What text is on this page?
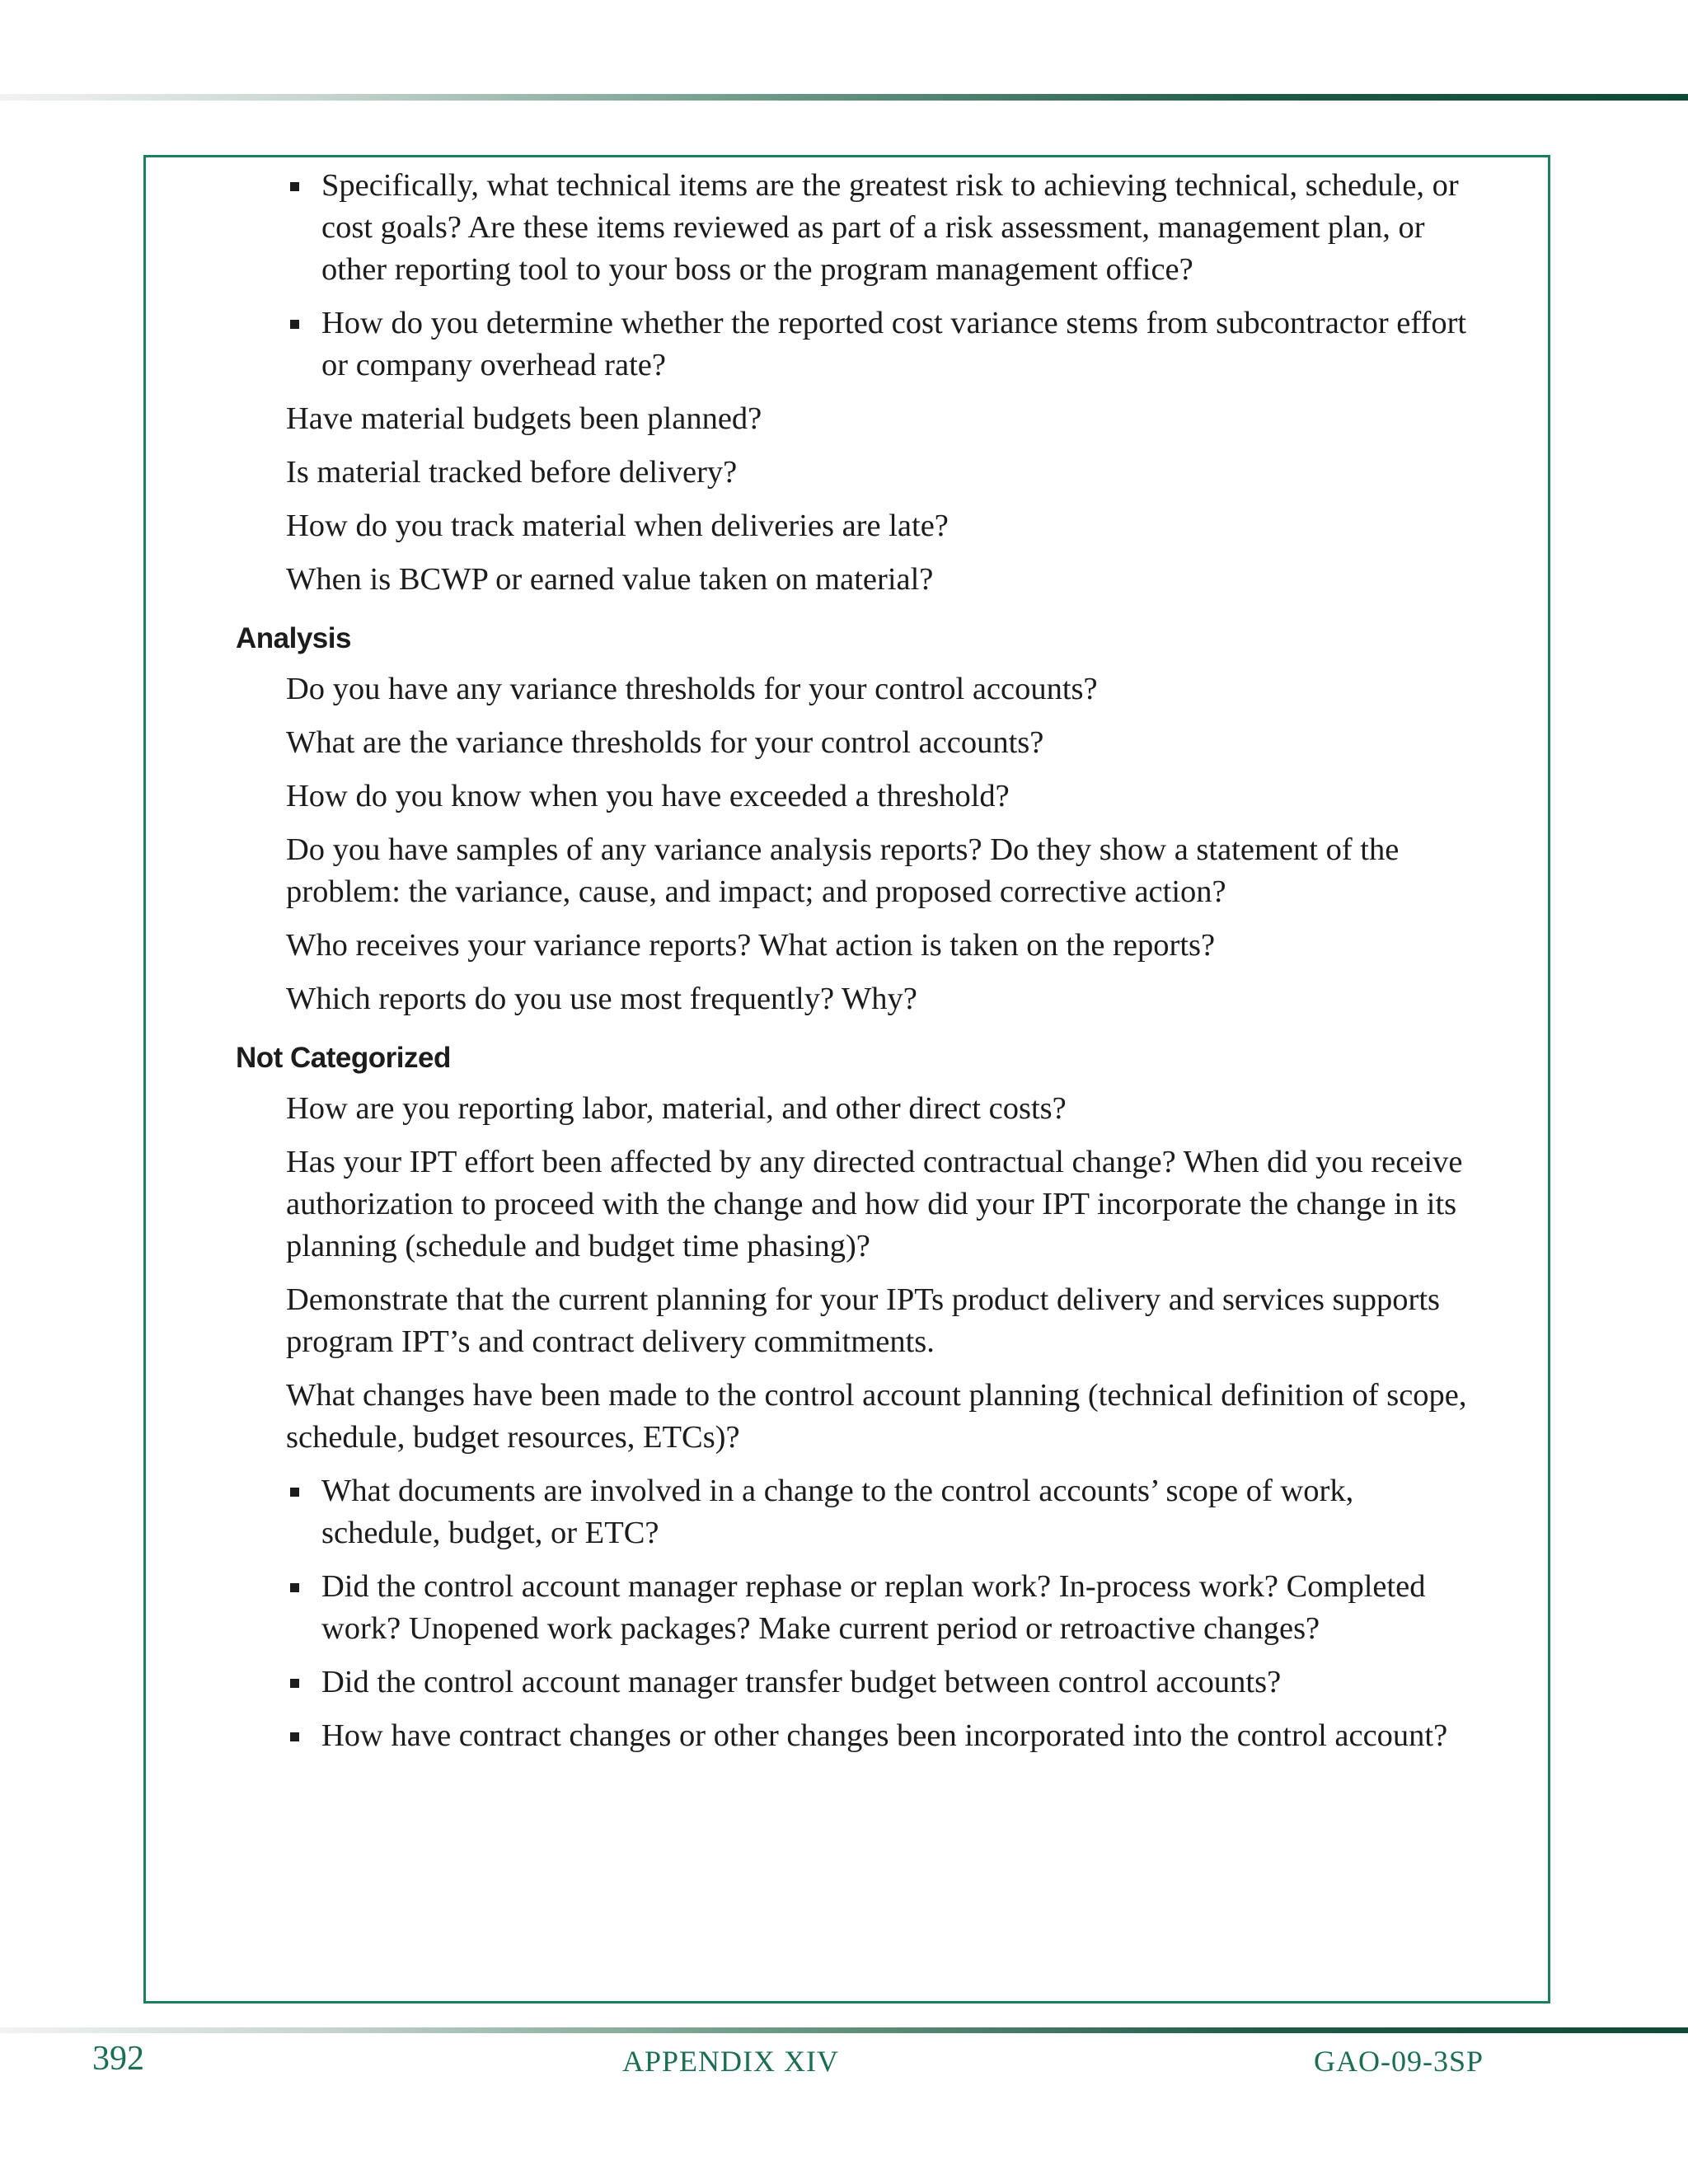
Specifically, what technical items are the greatest risk to achieving technical, schedule, or cost goals? Are these items reviewed as part of a risk assessment, management plan, or other reporting tool to your boss or the program management office?
How do you determine whether the reported cost variance stems from subcontractor effort or company overhead rate?
Have material budgets been planned?
Is material tracked before delivery?
How do you track material when deliveries are late?
When is BCWP or earned value taken on material?
Analysis
Do you have any variance thresholds for your control accounts?
What are the variance thresholds for your control accounts?
How do you know when you have exceeded a threshold?
Do you have samples of any variance analysis reports? Do they show a statement of the problem: the variance, cause, and impact; and proposed corrective action?
Who receives your variance reports? What action is taken on the reports?
Which reports do you use most frequently? Why?
Not Categorized
How are you reporting labor, material, and other direct costs?
Has your IPT effort been affected by any directed contractual change? When did you receive authorization to proceed with the change and how did your IPT incorporate the change in its planning (schedule and budget time phasing)?
Demonstrate that the current planning for your IPTs product delivery and services supports program IPT’s and contract delivery commitments.
What changes have been made to the control account planning (technical definition of scope, schedule, budget resources, ETCs)?
What documents are involved in a change to the control accounts’ scope of work, schedule, budget, or ETC?
Did the control account manager rephase or replan work? In-process work? Completed work? Unopened work packages? Make current period or retroactive changes?
Did the control account manager transfer budget between control accounts?
How have contract changes or other changes been incorporated into the control account?
392	APPENDIX XIV	GAO-09-3SP
